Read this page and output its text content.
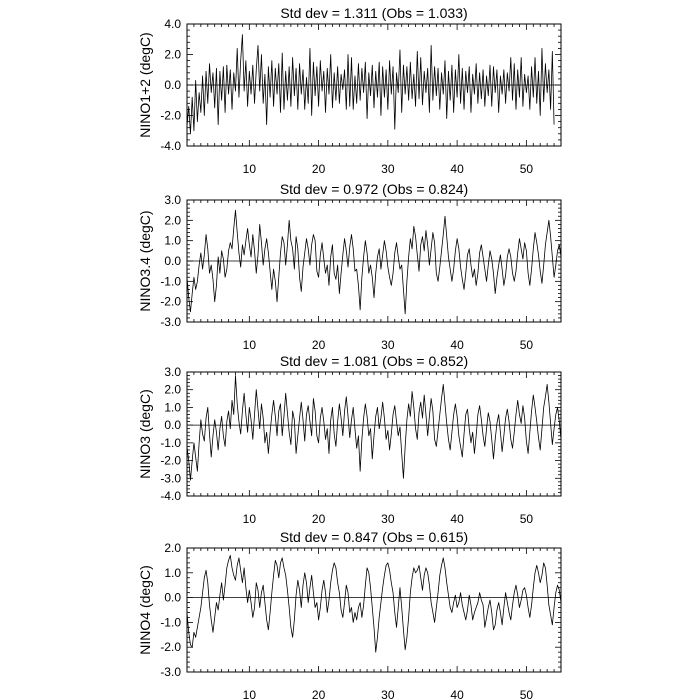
Std dev = 1.311 (Obs = 1.033)
NINO1+2 (degC)
10	20	30	40	50
-4.0
-2.0
0.0
2.0
4.0
Std dev = 0.972 (Obs = 0.824)
NINO3.4 (degC)
10	20	30	40	50
-3.0
-2.0
-1.0
0.0
1.0
2.0
3.0
Std dev = 1.081 (Obs = 0.852)
NINO3 (degC)
10	20	30	40	50
-4.0
-3.0
-2.0
-1.0
0.0
1.0
2.0
3.0
Std dev = 0.847 (Obs = 0.615)
NINO4 (degC)
10	20	30	40	50
-3.0
-2.0
-1.0
0.0
1.0
2.0
